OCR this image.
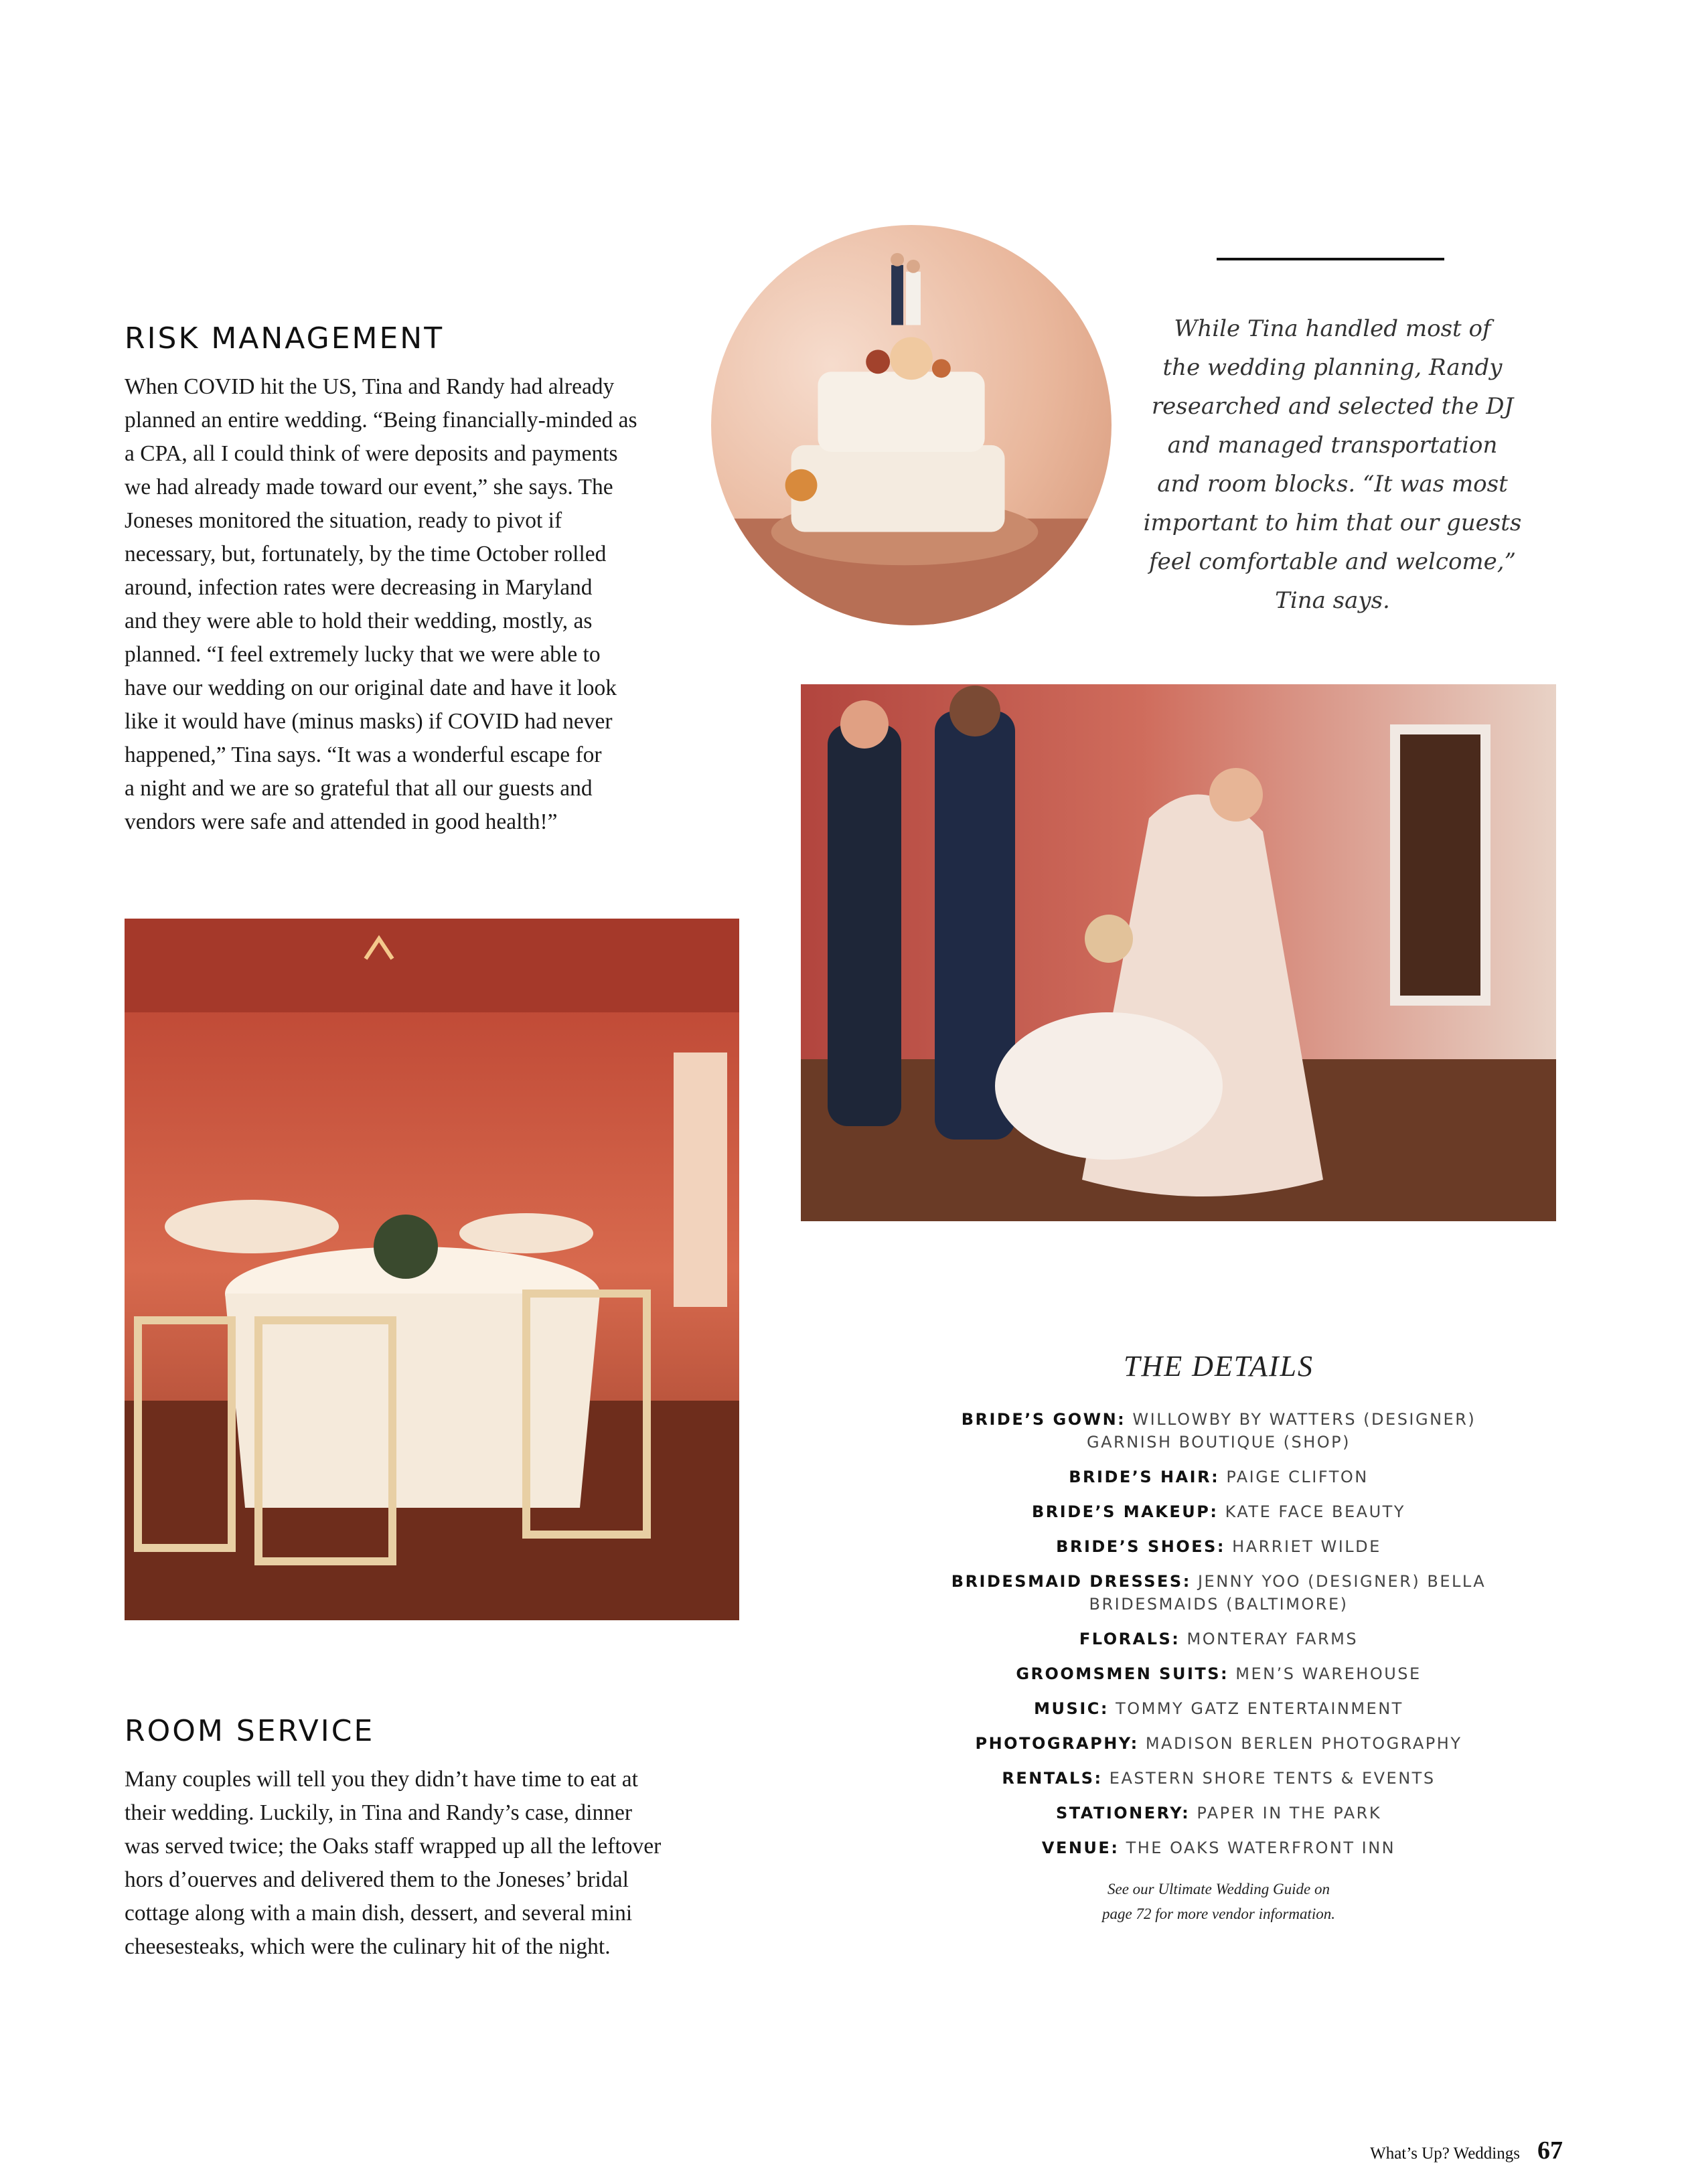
RISK MANAGEMENT

When COVID hit the US, Tina and Randy had already

planned an entire wedding. “Being financially-minded as

a CPA, all I could think of were deposits and payments

we had already made toward our event,” she says. The

Joneses monitored the situation, ready to pivot if

necessary, but, fortunately, by the time October rolled

around, infection rates were decreasing in Maryland

and they were able to hold their wedding, mostly, as

planned. “I feel extremely lucky that we were able to

have our wedding on our original date and have it look

like it would have (minus masks) if COVID had never

happened,” Tina says. “It was a wonderful escape for

a night and we are so grateful that all our guests and

vendors were safe and attended in good health!”

While Tina handled most of

the wedding planning, Randy

researched and selected the DJ

and managed transportation

and room blocks. “It was most

important to him that our guests

feel comfortable and welcome,”

Tina says.

THE DETAILS

BRIDE’S GOWN: WILLOWBY BY WATTERS (DESIGNER)

GARNISH BOUTIQUE (SHOP)

BRIDE’S HAIR: PAIGE CLIFTON

BRIDE’S MAKEUP: KATE FACE BEAUTY

BRIDE’S SHOES: HARRIET WILDE

BRIDESMAID DRESSES: JENNY YOO (DESIGNER) BELLA

BRIDESMAIDS (BALTIMORE)

FLORALS: MONTERAY FARMS

GROOMSMEN SUITS: MEN’S WAREHOUSE

MUSIC: TOMMY GATZ ENTERTAINMENT

PHOTOGRAPHY: MADISON BERLEN PHOTOGRAPHY

RENTALS: EASTERN SHORE TENTS & EVENTS

STATIONERY: PAPER IN THE PARK

VENUE: THE OAKS WATERFRONT INN

See our Ultimate Wedding Guide on

page 72 for more vendor information.

ROOM SERVICE

Many couples will tell you they didn’t have time to eat at

their wedding. Luckily, in Tina and Randy’s case, dinner

was served twice; the Oaks staff wrapped up all the leftover

hors d’ouerves and delivered them to the Joneses’ bridal

cottage along with a main dish, dessert, and several mini

cheesesteaks, which were the culinary hit of the night.

What’s Up? Weddings 67
